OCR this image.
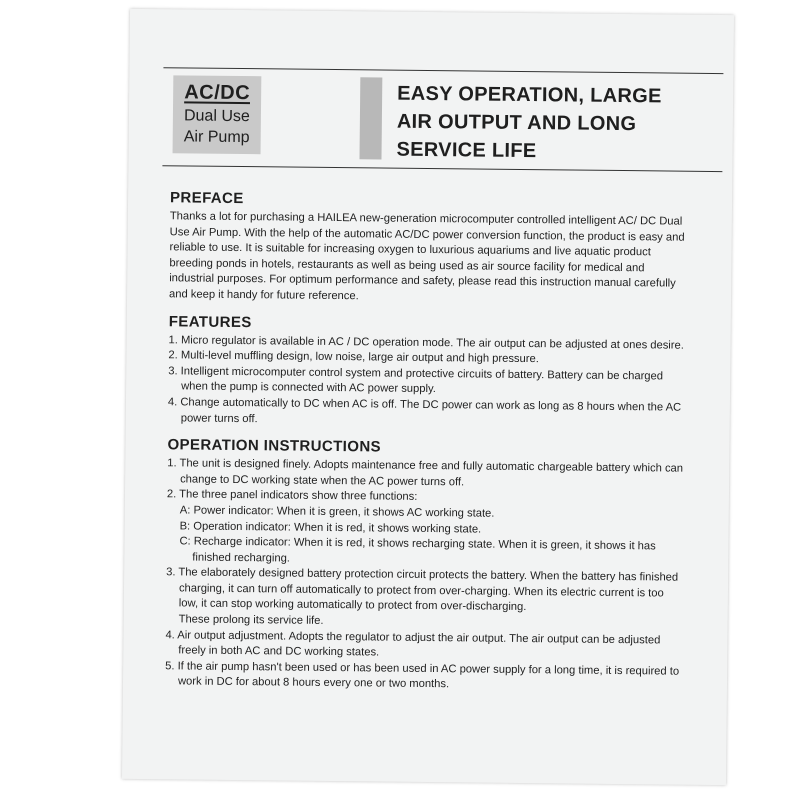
AC/DC
Dual Use
Air Pump
EASY OPERATION, LARGE
AIR OUTPUT AND LONG
SERVICE LIFE
PREFACE

Thanks a lot for purchasing a HAILEA new-generation microcomputer controlled intelligent AC/ DC Dual Use Air Pump. With the help of the automatic AC/DC power conversion function, the product is easy and reliable to use. It is suitable for increasing oxygen to luxurious aquariums and live aquatic product breeding ponds in hotels, restaurants as well as being used as air source facility for medical and industrial purposes. For optimum performance and safety, please read this instruction manual carefully and keep it handy for future reference.

FEATURES

1. Micro regulator is available in AC / DC operation mode. The air output can be adjusted at ones desire.

2. Multi-level muffling design, low noise, large air output and high pressure.

3. Intelligent microcomputer control system and protective circuits of battery. Battery can be charged when the pump is connected with AC power supply.

4. Change automatically to DC when AC is off. The DC power can work as long as 8 hours when the AC power turns off.

OPERATION INSTRUCTIONS

1. The unit is designed finely. Adopts maintenance free and fully automatic chargeable battery which can change to DC working state when the AC power turns off.

2. The three panel indicators show three functions:

A: Power indicator: When it is green, it shows AC working state.

B: Operation indicator: When it is red, it shows working state.

C: Recharge indicator: When it is red, it shows recharging state. When it is green, it shows it has finished recharging.

3. The elaborately designed battery protection circuit protects the battery. When the battery has finished charging, it can turn off automatically to protect from over-charging. When its electric current is too low, it can stop working automatically to protect from over-discharging.

These prolong its service life.

4. Air output adjustment. Adopts the regulator to adjust the air output. The air output can be adjusted freely in both AC and DC working states.

5. If the air pump hasn't been used or has been used in AC power supply for a long time, it is required to work in DC for about 8 hours every one or two months.
